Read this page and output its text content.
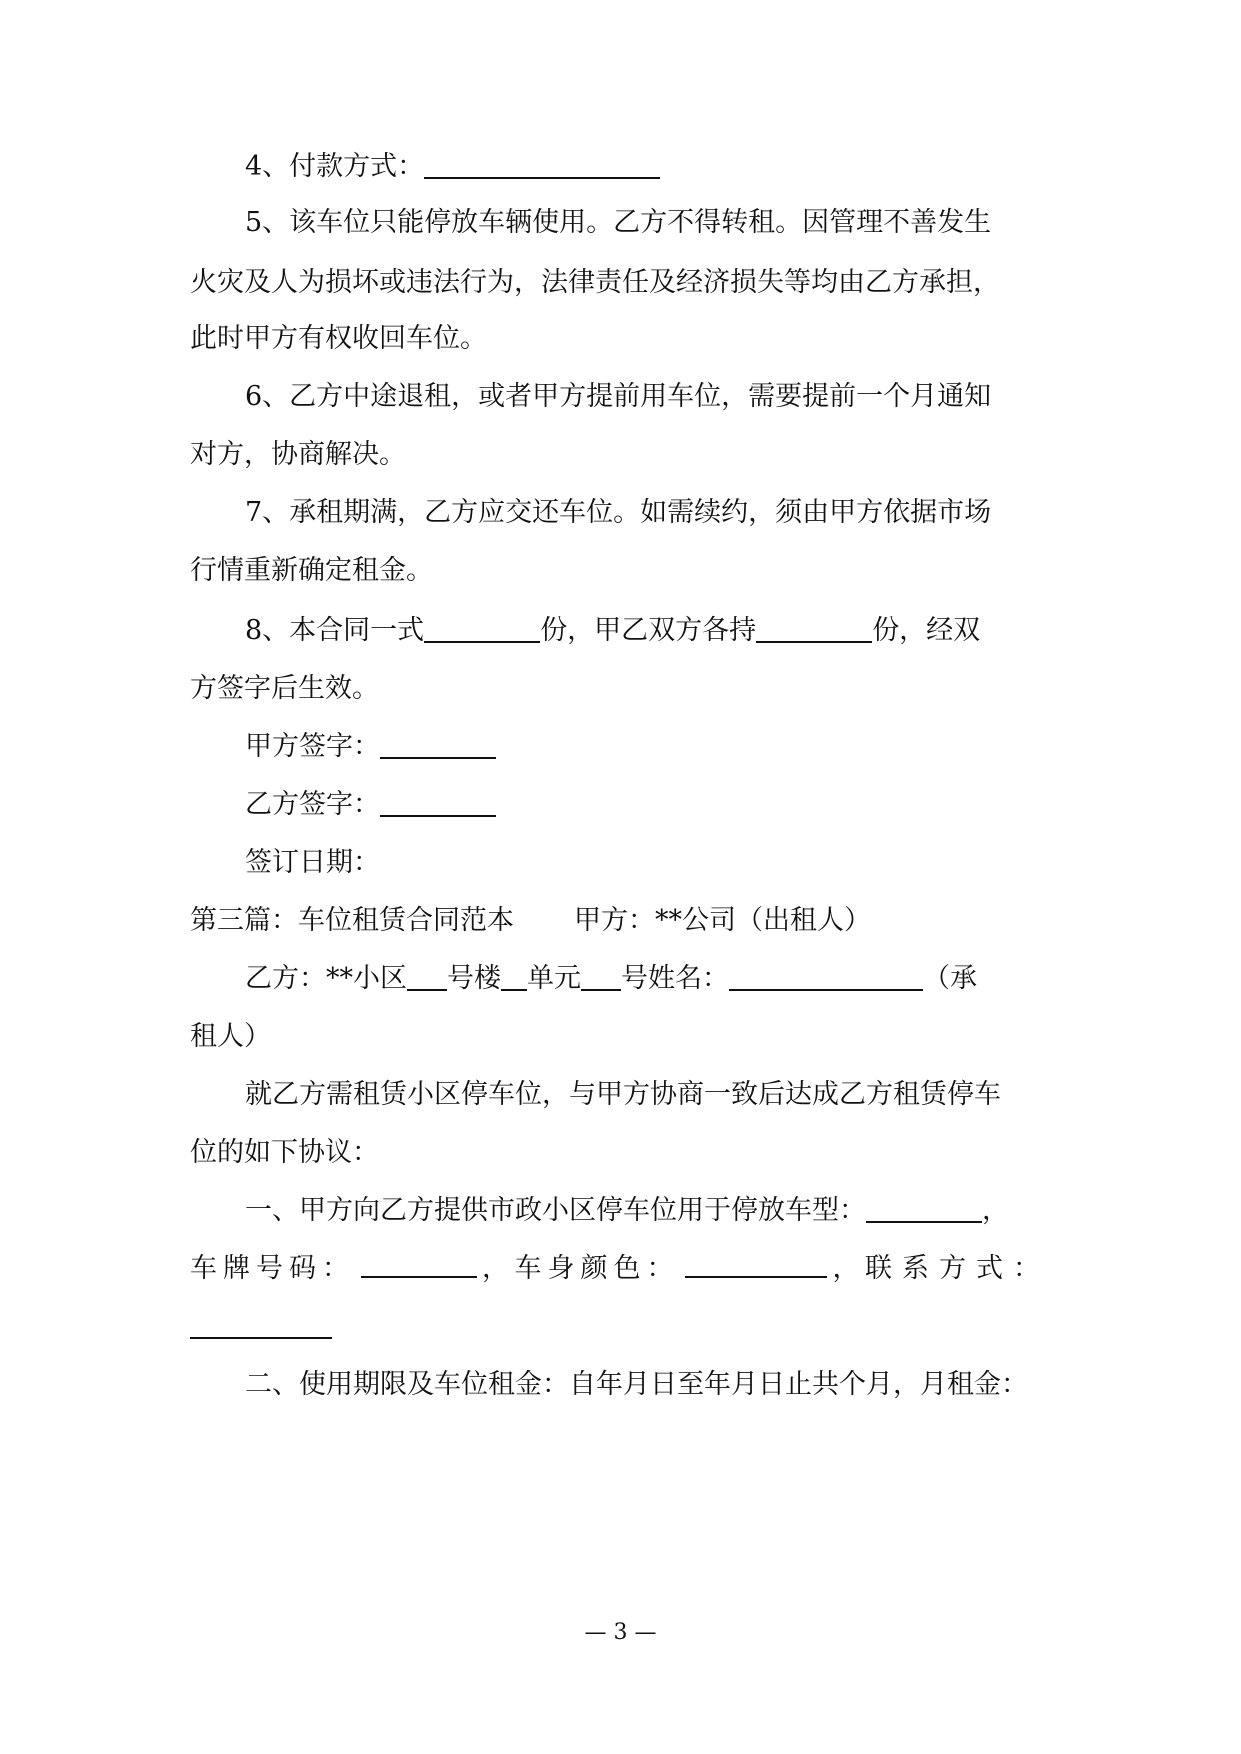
4、付款方式：
5、该车位只能停放车辆使用。乙方不得转租。因管理不善发生
火灾及人为损坏或违法行为，法律责任及经济损失等均由乙方承担，
此时甲方有权收回车位。
6、乙方中途退租，或者甲方提前用车位，需要提前一个月通知
对方，协商解决。
7、承租期满，乙方应交还车位。如需续约，须由甲方依据市场
行情重新确定租金。
8、本合同一式	份，甲乙双方各持	份，经双
方签字后生效。
甲方签字：
乙方签字：
签订日期：
第三篇：车位租赁合同范本 甲方：**公司（出租人）
乙方：**小区 号楼 单元 号姓名：	（承
租人）
就乙方需租赁小区停车位，与甲方协商一致后达成乙方租赁停车
位的如下协议：
一、甲方向乙方提供市政小区停车位用于停放车型：	，
车牌号码：	， 车身颜色：	， 联系方式：
二、使用期限及车位租金：自年月日至年月日止共个月，月租金：
— 3 —
